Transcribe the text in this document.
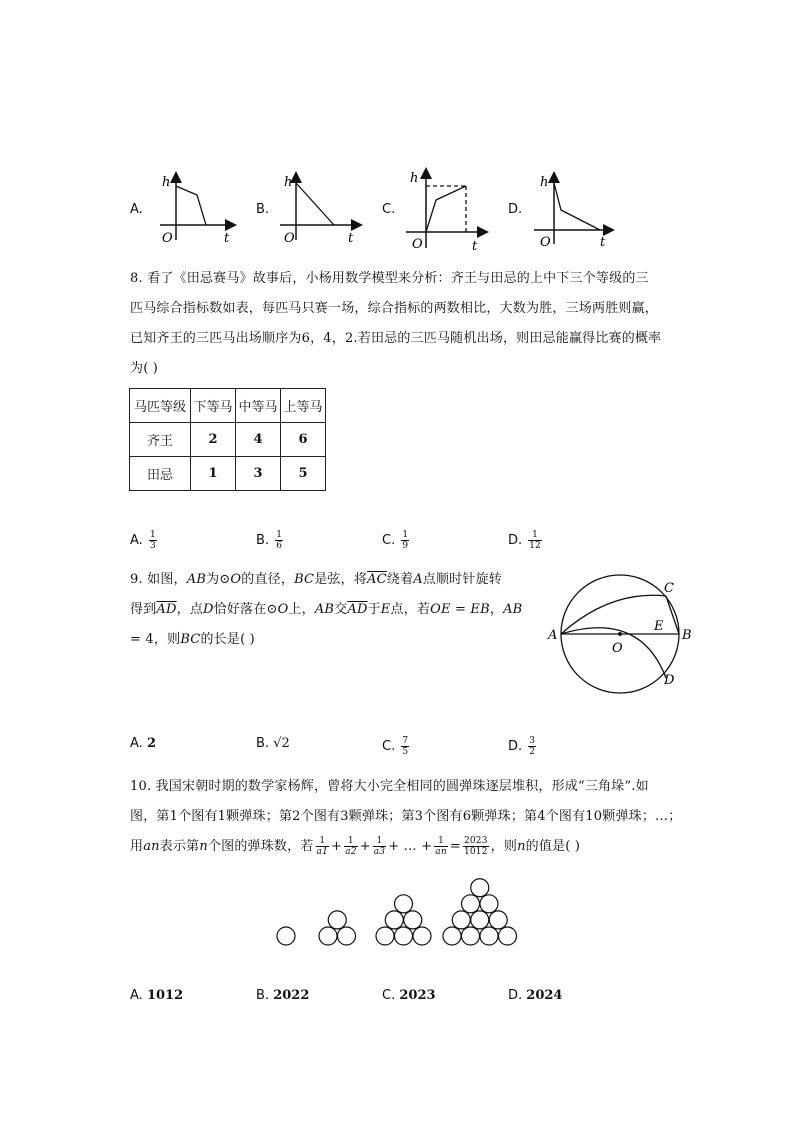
A.
h
t
O
B.
h
t
O
C.
h
t
O
D.
h
t
O
8. 看了《田忌赛马》故事后，小杨用数学模型来分析：齐王与田忌的上中下三个等级的三
匹马综合指标数如表，每匹马只赛一场，综合指标的两数相比，大数为胜，三场两胜则赢，
已知齐王的三匹马出场顺序为6，4，2.若田忌的三匹马随机出场，则田忌能赢得比赛的概率
为( )
马匹等级	下等马	中等马	上等马
齐王	2	4	6
田忌	1	3	5
A. $\frac{1}{3}$	B. $\frac{1}{6}$	C. $\frac{1}{9}$	D. $\frac{1}{12}$
9. 如图，AB为⊙O的直径，BC是弦，将$\overline{AC}$绕着A点顺时针旋转
得到$\overline{AD}$，点D恰好落在⊙O上，AB交$\overline{AD}$于E点，若OE = EB，AB
= 4，则BC的长是( )	A	B
C
D
E
O
A. 2	B. √2	C. $\frac{7}{5}$	D. $\frac{3}{2}$
10. 我国宋朝时期的数学家杨辉，曾将大小完全相同的圆弹珠逐层堆积，形成“三角垛”.如
图，第1个图有1颗弹珠；第2个图有3颗弹珠；第3个图有6颗弹珠；第4个图有10颗弹珠；…；
用an表示第n个图的弹珠数，若 $\frac{1}{a1} + \frac{1}{a2} + \frac{1}{a3}$ + … + $\frac{1}{an} = \frac{2023}{1012}$ ，则n的值是( )
A. 1012	B. 2022	C. 2023	D. 2024
